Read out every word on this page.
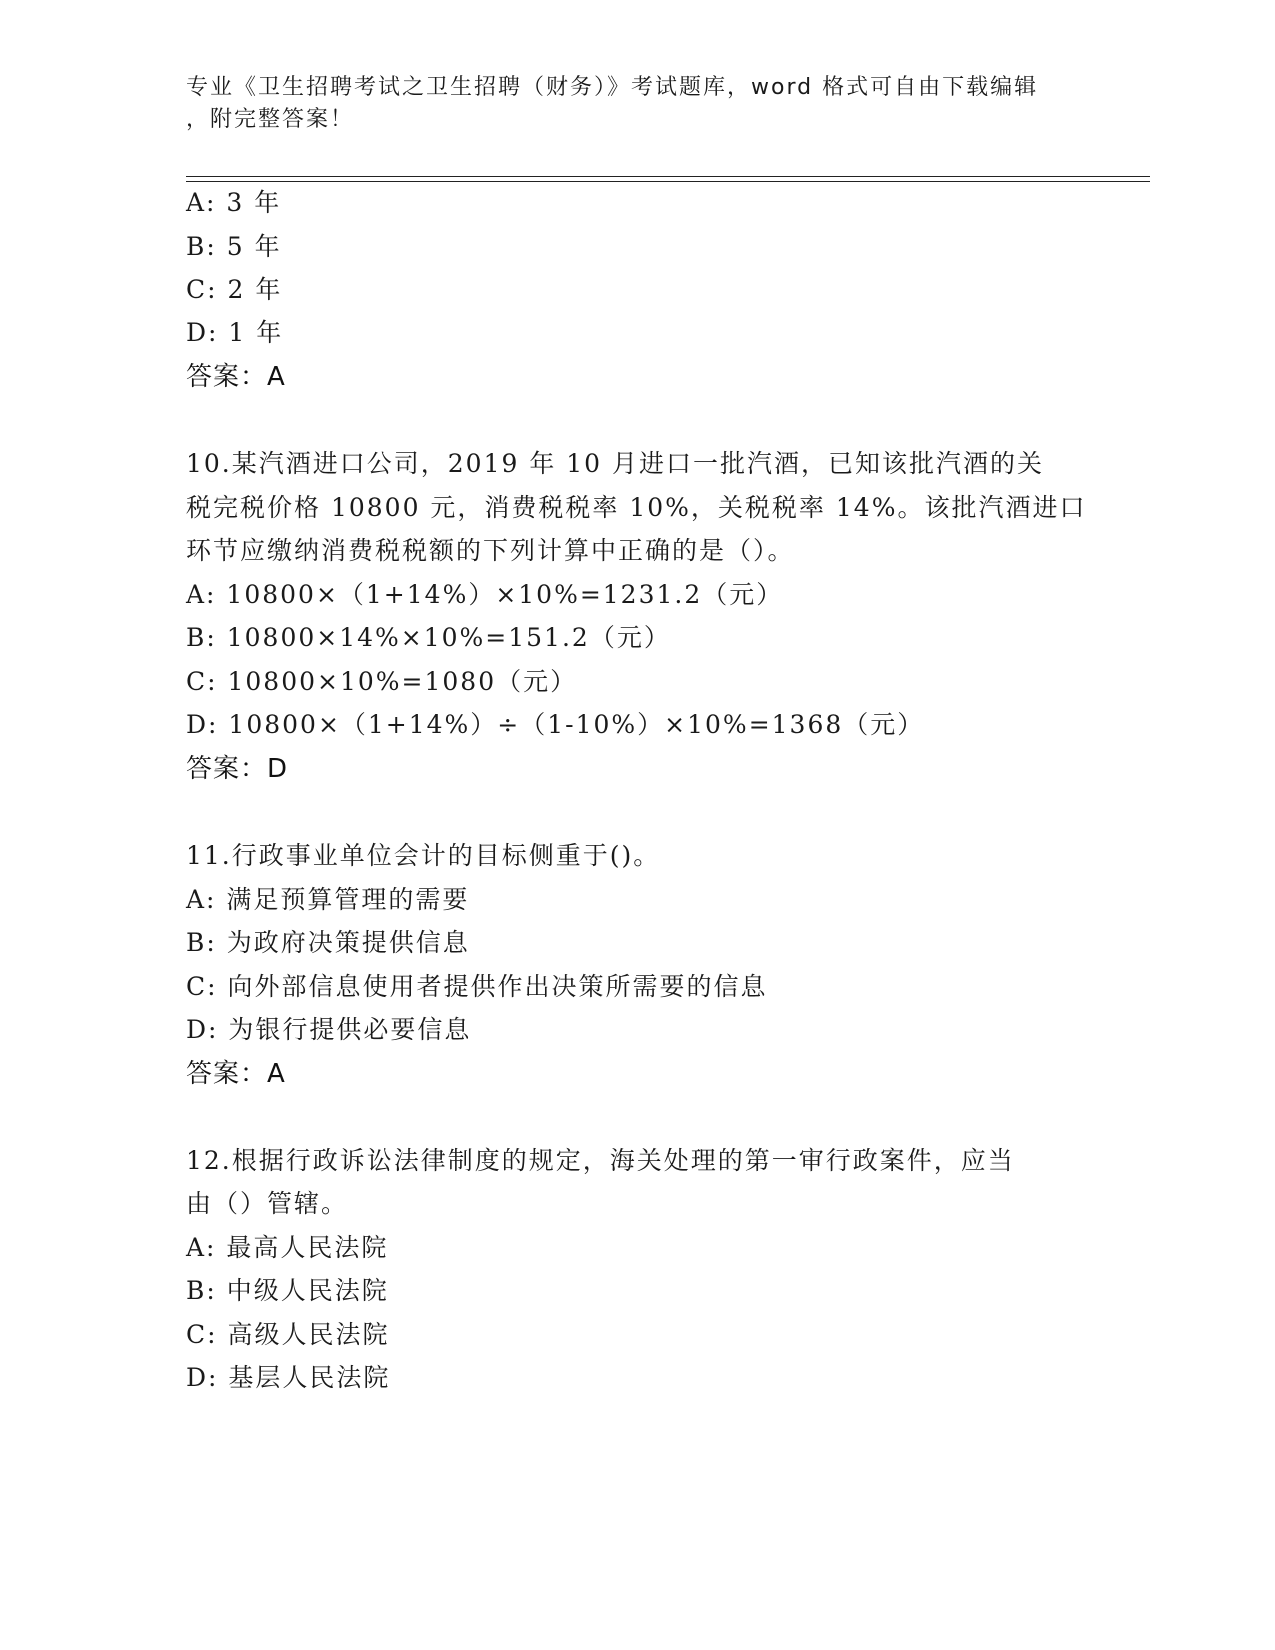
专业《卫生招聘考试之卫生招聘（财务）》考试题库，word 格式可自由下载编辑
，附完整答案！
A: 3 年
B: 5 年
C: 2 年
D: 1 年
答案：A
10.某汽酒进口公司，2019 年 10 月进口一批汽酒，已知该批汽酒的关
税完税价格 10800 元，消费税税率 10%，关税税率 14%。该批汽酒进口
环节应缴纳消费税税额的下列计算中正确的是（）。
A: 10800×（1+14%）×10%=1231.2（元）
B: 10800×14%×10%=151.2（元）
C: 10800×10%=1080（元）
D: 10800×（1+14%）÷（1-10%）×10%=1368（元）
答案：D
11.行政事业单位会计的目标侧重于()。
A: 满足预算管理的需要
B: 为政府决策提供信息
C: 向外部信息使用者提供作出决策所需要的信息
D: 为银行提供必要信息
答案：A
12.根据行政诉讼法律制度的规定，海关处理的第一审行政案件，应当
由（）管辖。
A: 最高人民法院
B: 中级人民法院
C: 高级人民法院
D: 基层人民法院
